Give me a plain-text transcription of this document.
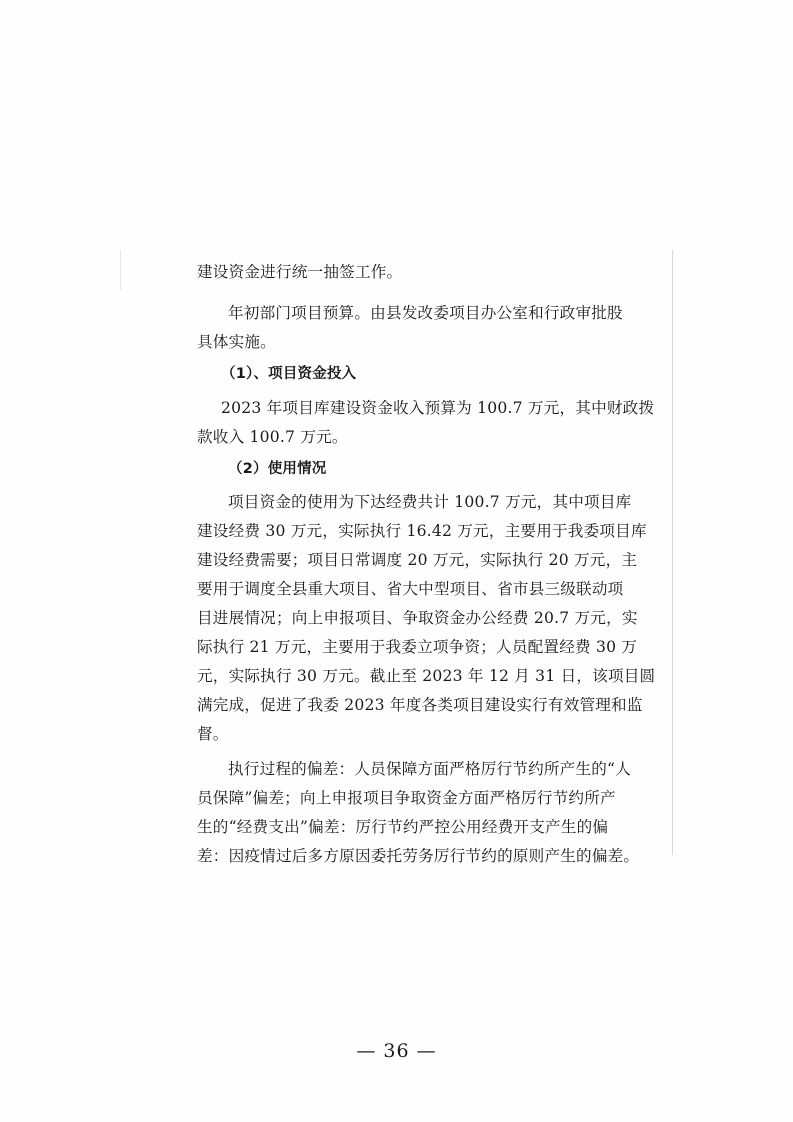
建设资金进行统一抽签工作。
年初部门项目预算。由县发改委项目办公室和行政审批股
具体实施。
（1）、项目资金投入
2023 年项目库建设资金收入预算为 100.7 万元，其中财政拨
款收入 100.7 万元。
（2）使用情况
项目资金的使用为下达经费共计 100.7 万元，其中项目库
建设经费 30 万元，实际执行 16.42 万元，主要用于我委项目库
建设经费需要；项目日常调度 20 万元，实际执行 20 万元，主
要用于调度全县重大项目、省大中型项目、省市县三级联动项
目进展情况；向上申报项目、争取资金办公经费 20.7 万元，实
际执行 21 万元，主要用于我委立项争资；人员配置经费 30 万
元，实际执行 30 万元。截止至 2023 年 12 月 31 日，该项目圆
满完成，促进了我委 2023 年度各类项目建设实行有效管理和监
督。
执行过程的偏差：人员保障方面严格厉行节约所产生的“人
员保障”偏差；向上申报项目争取资金方面严格厉行节约所产
生的“经费支出”偏差：厉行节约严控公用经费开支产生的偏
差：因疫情过后多方原因委托劳务厉行节约的原则产生的偏差。
— 36 —
